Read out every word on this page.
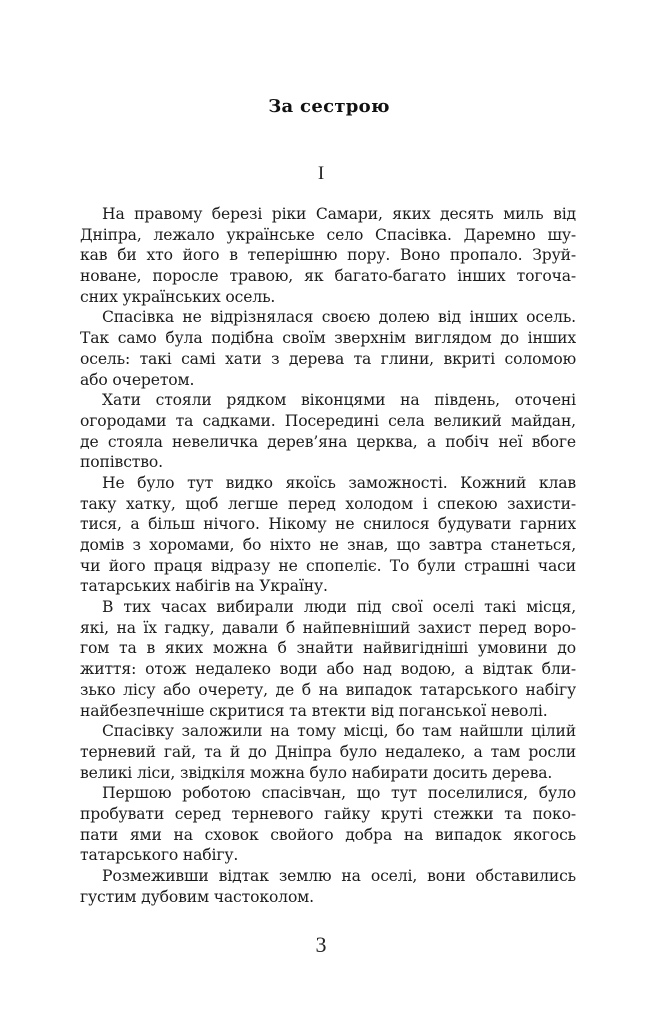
За сестрою
I
На правому березі ріки Самари, яких десять миль від
Дніпра, лежало українське село Спасівка. Даремно шу-
кав би хто його в теперішню пору. Воно пропало. Зруй-
новане, поросле травою, як багато-багато інших тогоча-
сних українських осель.
Спасівка не відрізнялася своєю долею від інших осель.
Так само була подібна своїм зверхнім виглядом до інших
осель: такі самі хати з дерева та глини, вкриті соломою
або очеретом.
Хати стояли рядком віконцями на південь, оточені
огородами та садками. Посередині села великий майдан,
де стояла невеличка дерев’яна церква, а побіч неї вбоге
попівство.
Не було тут видко якоїсь заможності. Кожний клав
таку хатку, щоб легше перед холодом і спекою захисти-
тися, а більш нічого. Нікому не снилося будувати гарних
домів з хоромами, бо ніхто не знав, що завтра станеться,
чи його праця відразу не спопеліє. То були страшні часи
татарських набігів на Україну.
В тих часах вибирали люди під свої оселі такі місця,
які, на їх гадку, давали б найпевніший захист перед воро-
гом та в яких можна б знайти найвигідніші умовини до
життя: отож недалеко води або над водою, а відтак бли-
зько лісу або очерету, де б на випадок татарського набігу
найбезпечніше скритися та втекти від поганської неволі.
Спасівку заложили на тому місці, бо там найшли цілий
терневий гай, та й до Дніпра було недалеко, а там росли
великі ліси, звідкіля можна було набирати досить дерева.
Першою роботою спасівчан, що тут поселилися, було
пробувати серед терневого гайку круті стежки та поко-
пати ями на сховок свойого добра на випадок якогось
татарського набігу.
Розмеживши відтак землю на оселі, вони обставились
густим дубовим частоколом.
3
